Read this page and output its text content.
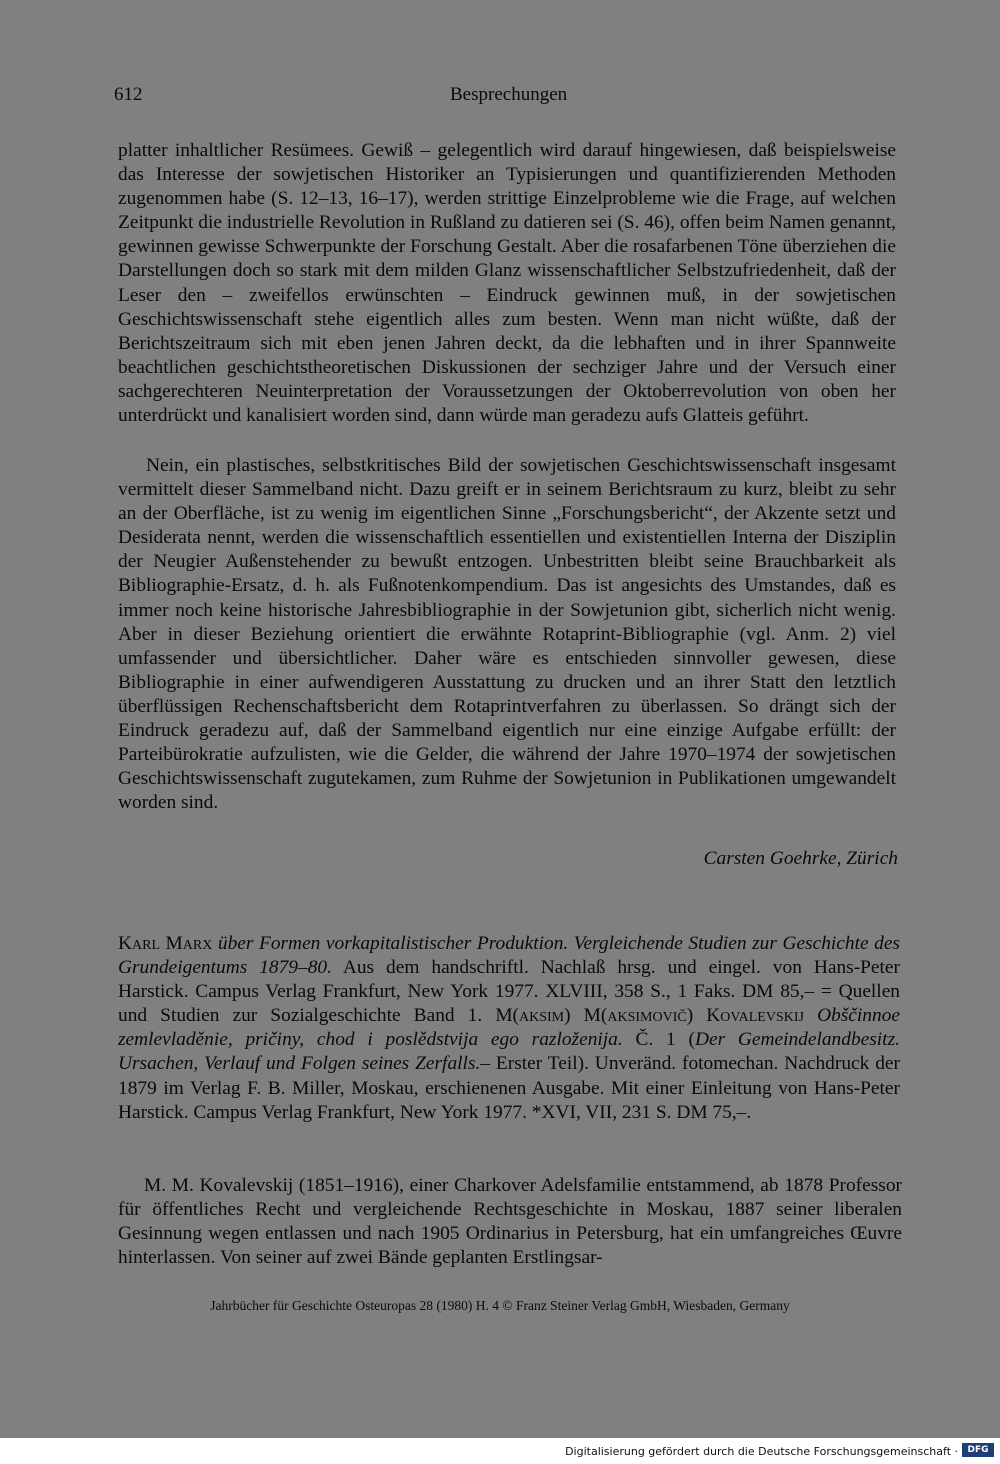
612	Besprechungen

platter inhaltlicher Resümees. Gewiß – gelegentlich wird darauf hingewiesen, daß beispielsweise das Interesse der sowjetischen Historiker an Typisierungen und quantifizierenden Methoden zugenommen habe (S. 12–13, 16–17), werden strittige Einzelprobleme wie die Frage, auf welchen Zeitpunkt die industrielle Revolution in Rußland zu datieren sei (S. 46), offen beim Namen genannt, gewinnen gewisse Schwerpunkte der Forschung Gestalt. Aber die rosafarbenen Töne überziehen die Darstellungen doch so stark mit dem milden Glanz wissenschaftlicher Selbstzufriedenheit, daß der Leser den – zweifellos erwünschten – Eindruck gewinnen muß, in der sowjetischen Geschichtswissenschaft stehe eigentlich alles zum besten. Wenn man nicht wüßte, daß der Berichtszeitraum sich mit eben jenen Jahren deckt, da die lebhaften und in ihrer Spannweite beachtlichen geschichtstheoretischen Diskussionen der sechziger Jahre und der Versuch einer sachgerechteren Neuinterpretation der Voraussetzungen der Oktoberrevolution von oben her unterdrückt und kanalisiert worden sind, dann würde man geradezu aufs Glatteis geführt.

Nein, ein plastisches, selbstkritisches Bild der sowjetischen Geschichtswissenschaft insgesamt vermittelt dieser Sammelband nicht. Dazu greift er in seinem Berichtsraum zu kurz, bleibt zu sehr an der Oberfläche, ist zu wenig im eigentlichen Sinne „Forschungsbericht“, der Akzente setzt und Desiderata nennt, werden die wissenschaftlich essentiellen und existentiellen Interna der Disziplin der Neugier Außenstehender zu bewußt entzogen. Unbestritten bleibt seine Brauchbarkeit als Bibliographie-Ersatz, d. h. als Fußnotenkompendium. Das ist angesichts des Umstandes, daß es immer noch keine historische Jahresbibliographie in der Sowjetunion gibt, sicherlich nicht wenig. Aber in dieser Beziehung orientiert die erwähnte Rotaprint-Bibliographie (vgl. Anm. 2) viel umfassender und übersichtlicher. Daher wäre es entschieden sinnvoller gewesen, diese Bibliographie in einer aufwendigeren Ausstattung zu drucken und an ihrer Statt den letztlich überflüssigen Rechenschaftsbericht dem Rotaprintverfahren zu überlassen. So drängt sich der Eindruck geradezu auf, daß der Sammelband eigentlich nur eine einzige Aufgabe erfüllt: der Parteibürokratie aufzulisten, wie die Gelder, die während der Jahre 1970–1974 der sowjetischen Geschichtswissenschaft zugutekamen, zum Ruhme der Sowjetunion in Publikationen umgewandelt worden sind.

Carsten Goehrke, Zürich

Karl Marx über Formen vorkapitalistischer Produktion. Vergleichende Studien zur Geschichte des Grundeigentums 1879–80. Aus dem handschriftl. Nachlaß hrsg. und eingel. von Hans-Peter Harstick. Campus Verlag Frankfurt, New York 1977. XLVIII, 358 S., 1 Faks. DM 85,– = Quellen und Studien zur Sozialgeschichte Band 1. M(aksim) M(aksimovič) Kovalevskij Obščinnoe zemlevladěnie, pričiny, chod i poslědstvija ego razloženija. Č. 1 (Der Gemeindelandbesitz. Ursachen, Verlauf und Folgen seines Zerfalls.– Erster Teil). Unveränd. fotomechan. Nachdruck der 1879 im Verlag F. B. Miller, Moskau, erschienenen Ausgabe. Mit einer Einleitung von Hans-Peter Harstick. Campus Verlag Frankfurt, New York 1977. *XVI, VII, 231 S. DM 75,–.

M. M. Kovalevskij (1851–1916), einer Charkover Adelsfamilie entstammend, ab 1878 Professor für öffentliches Recht und vergleichende Rechtsgeschichte in Moskau, 1887 seiner liberalen Gesinnung wegen entlassen und nach 1905 Ordinarius in Petersburg, hat ein umfangreiches Œuvre hinterlassen. Von seiner auf zwei Bände geplanten Erstlingsar-

Jahrbücher für Geschichte Osteuropas 28 (1980) H. 4 © Franz Steiner Verlag GmbH, Wiesbaden, Germany
Digitalisierung gefördert durch die Deutsche Forschungsgemeinschaft ·	DFG
